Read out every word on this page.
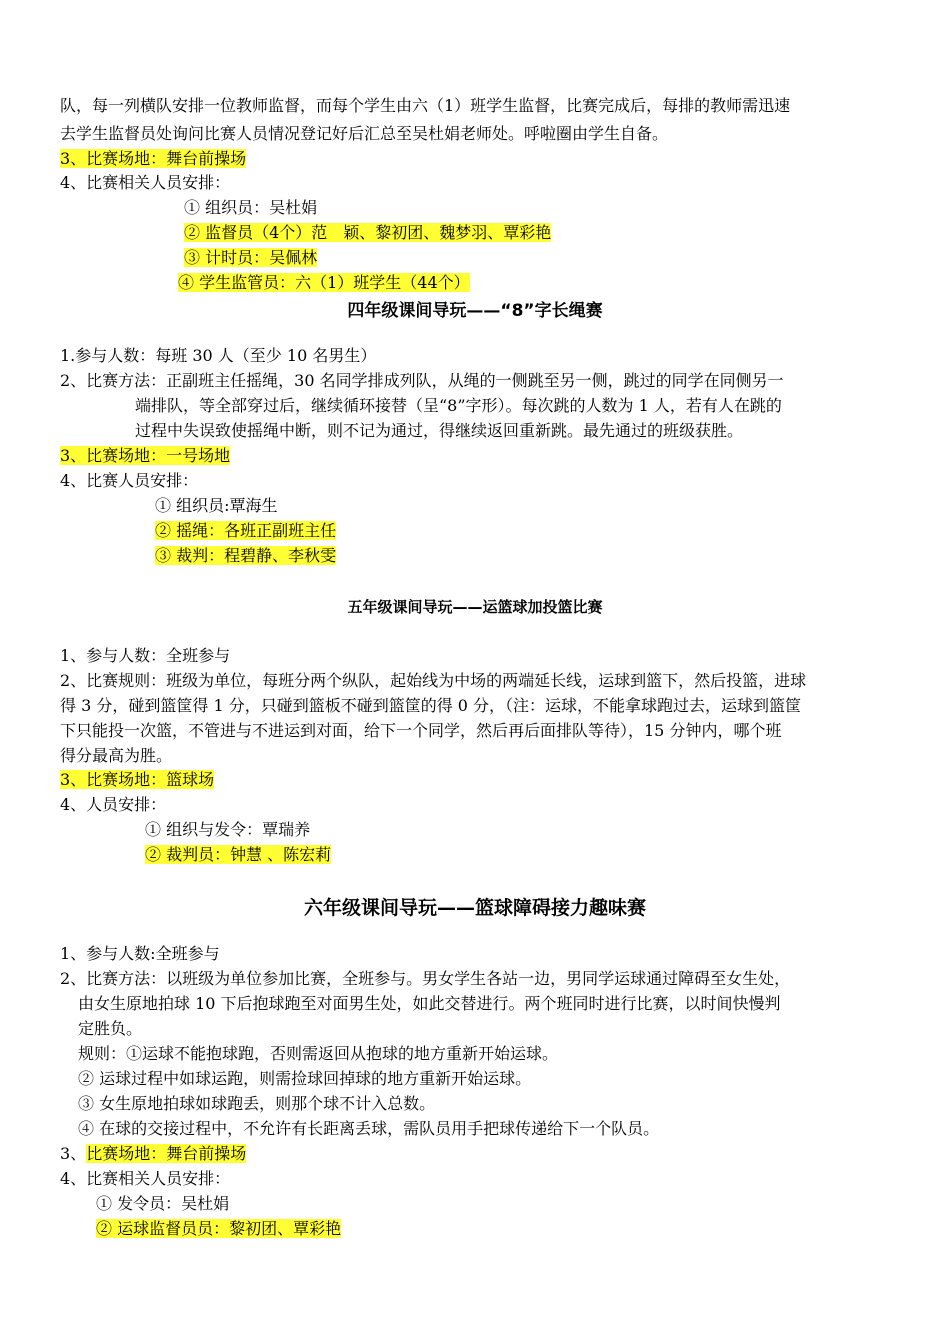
队，每一列横队安排一位教师监督，而每个学生由六（1）班学生监督，比赛完成后，每排的教师需迅速
去学生监督员处询问比赛人员情况登记好后汇总至吴杜娟老师处。呼啦圈由学生自备。
3、比赛场地：舞台前操场
4、比赛相关人员安排：
① 组织员：吴杜娟
② 监督员（4个）范　颖、黎初团、魏梦羽、覃彩艳
③ 计时员：吴佩林
④ 学生监管员：六（1）班学生（44个）
四年级课间导玩——“8”字长绳赛
1.参与人数：每班 30 人（至少 10 名男生）
2、比赛方法：正副班主任摇绳，30 名同学排成列队，从绳的一侧跳至另一侧，跳过的同学在同侧另一
端排队，等全部穿过后，继续循环接替（呈“8”字形）。每次跳的人数为 1 人，若有人在跳的
过程中失误致使摇绳中断，则不记为通过，得继续返回重新跳。最先通过的班级获胜。
3、比赛场地：一号场地
4、比赛人员安排：
① 组织员:覃海生
② 摇绳：各班正副班主任
③ 裁判：程碧静、李秋雯
五年级课间导玩——运篮球加投篮比赛
1、参与人数：全班参与
2、比赛规则：班级为单位，每班分两个纵队，起始线为中场的两端延长线，运球到篮下，然后投篮，进球
得 3 分，碰到篮筐得 1 分，只碰到篮板不碰到篮筐的得 0 分，（注：运球，不能拿球跑过去，运球到篮筐
下只能投一次篮，不管进与不进运到对面，给下一个同学，然后再后面排队等待），15 分钟内，哪个班
得分最高为胜。
3、比赛场地：篮球场
4、人员安排：
① 组织与发令：覃瑞养
② 裁判员：钟慧 、陈宏莉
六年级课间导玩——篮球障碍接力趣味赛
1、参与人数:全班参与
2、比赛方法：以班级为单位参加比赛，全班参与。男女学生各站一边，男同学运球通过障碍至女生处，
由女生原地拍球 10 下后抱球跑至对面男生处，如此交替进行。两个班同时进行比赛，以时间快慢判
定胜负。
规则：①运球不能抱球跑，否则需返回从抱球的地方重新开始运球。
② 运球过程中如球运跑，则需捡球回掉球的地方重新开始运球。
③ 女生原地拍球如球跑丢，则那个球不计入总数。
④ 在球的交接过程中，不允许有长距离丢球，需队员用手把球传递给下一个队员。
3、比赛场地：舞台前操场
4、比赛相关人员安排：
① 发令员：吴杜娟
② 运球监督员员：黎初团、覃彩艳
